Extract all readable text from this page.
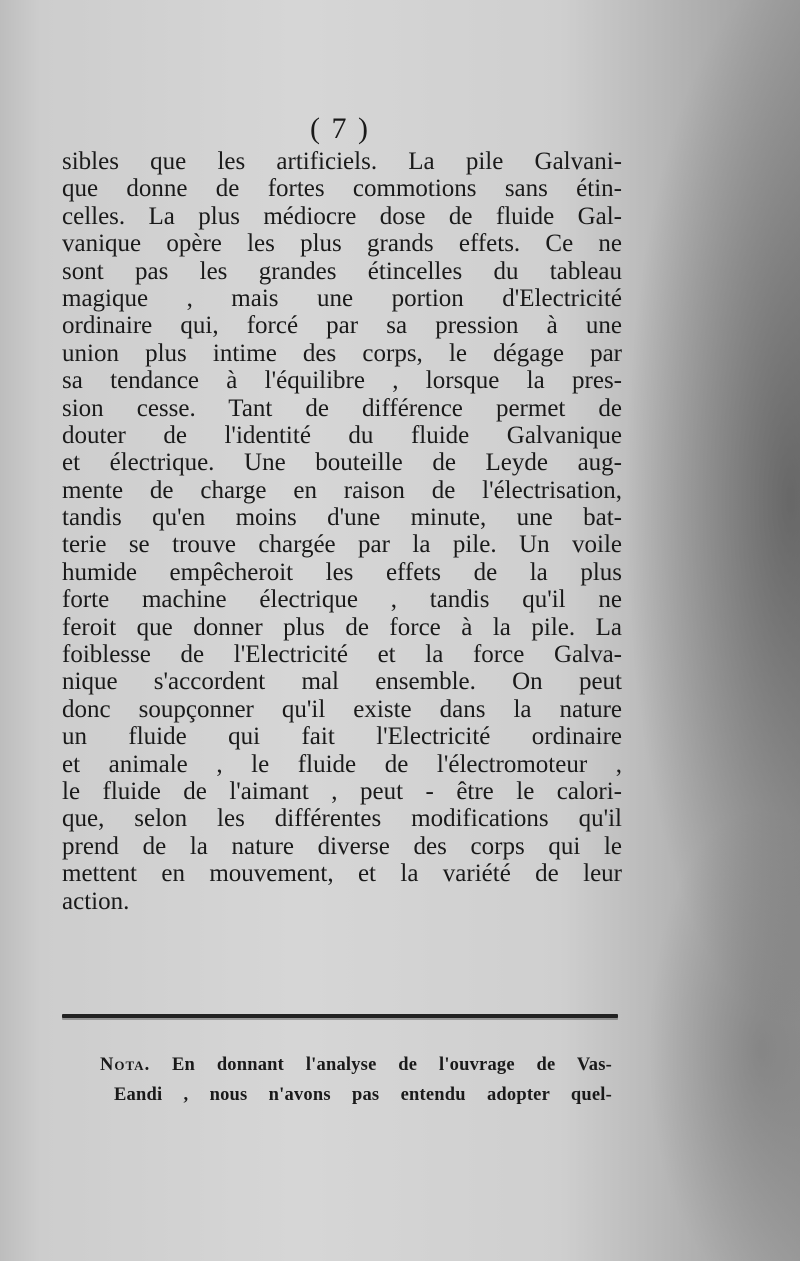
( 7 )
sibles que les artificiels. La pile Galvani-
que donne de fortes commotions sans étin-
celles. La plus médiocre dose de fluide Gal-
vanique opère les plus grands effets. Ce ne
sont pas les grandes étincelles du tableau
magique , mais une portion d'Electricité
ordinaire qui, forcé par sa pression à une
union plus intime des corps, le dégage par
sa tendance à l'équilibre , lorsque la pres-
sion cesse. Tant de différence permet de
douter de l'identité du fluide Galvanique
et électrique. Une bouteille de Leyde aug-
mente de charge en raison de l'électrisation,
tandis qu'en moins d'une minute, une bat-
terie se trouve chargée par la pile. Un voile
humide empêcheroit les effets de la plus
forte machine électrique , tandis qu'il ne
feroit que donner plus de force à la pile. La
foiblesse de l'Electricité et la force Galva-
nique s'accordent mal ensemble. On peut
donc soupçonner qu'il existe dans la nature
un fluide qui fait l'Electricité ordinaire
et animale , le fluide de l'électromoteur ,
le fluide de l'aimant , peut - être le calori-
que, selon les différentes modifications qu'il
prend de la nature diverse des corps qui le
mettent en mouvement, et la variété de leur
action.
Nota. En donnant l'analyse de l'ouvrage de Vas-
Eandi , nous n'avons pas entendu adopter quel-
